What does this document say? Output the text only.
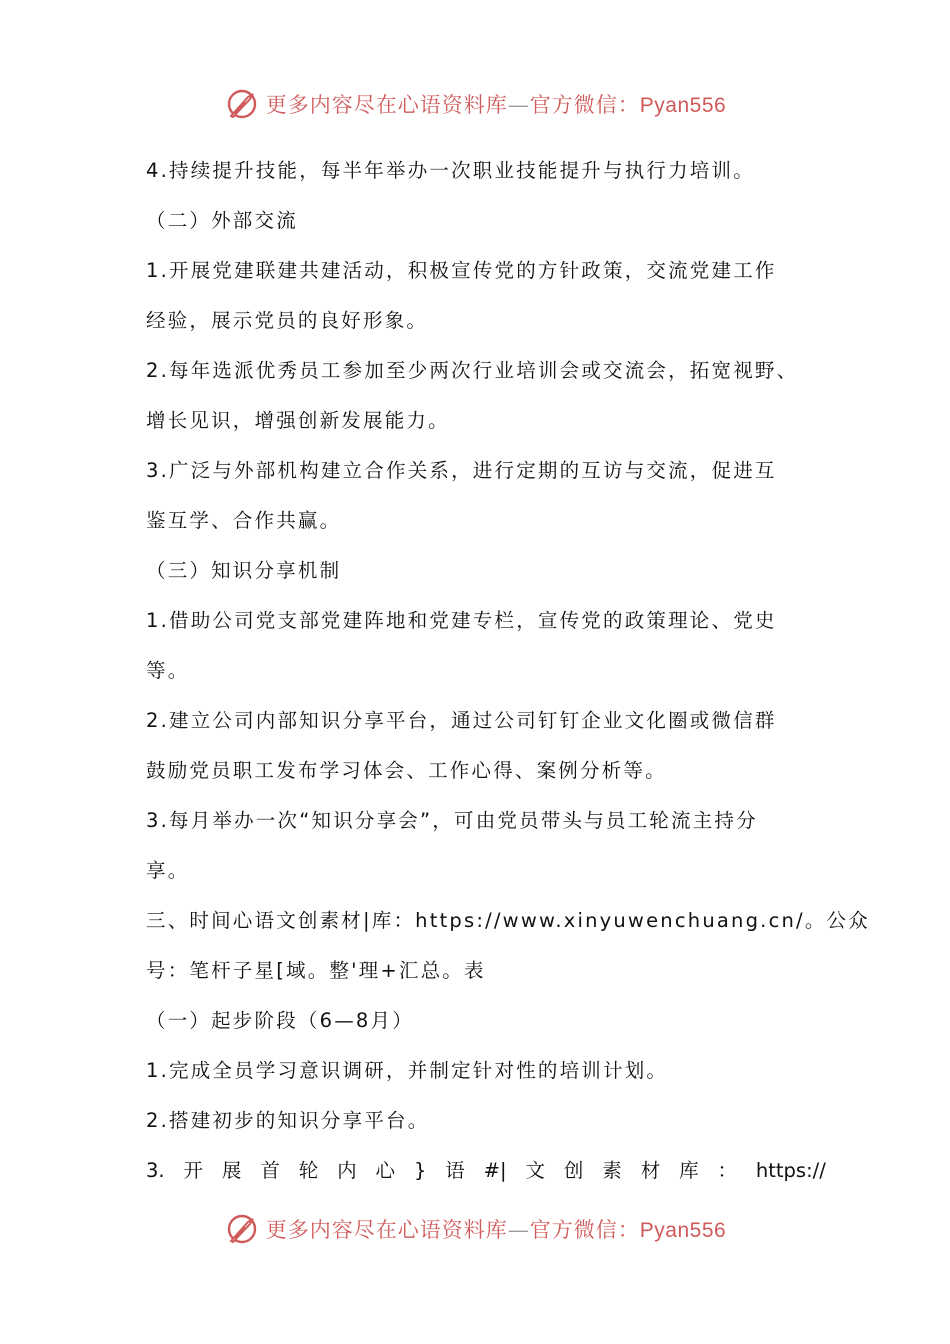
更多内容尽在心语资料库—官方微信：Pyan556
4.持续提升技能，每半年举办一次职业技能提升与执行力培训。
（二）外部交流
1.开展党建联建共建活动，积极宣传党的方针政策，交流党建工作
经验，展示党员的良好形象。
2.每年选派优秀员工参加至少两次行业培训会或交流会，拓宽视野、
增长见识，增强创新发展能力。
3.广泛与外部机构建立合作关系，进行定期的互访与交流，促进互
鉴互学、合作共赢。
（三）知识分享机制
1.借助公司党支部党建阵地和党建专栏，宣传党的政策理论、党史
等。
2.建立公司内部知识分享平台，通过公司钉钉企业文化圈或微信群
鼓励党员职工发布学习体会、工作心得、案例分析等。
3.每月举办一次“知识分享会”，可由党员带头与员工轮流主持分
享。
三、时间心语文创素材|库：https://www.xinyuwenchuang.cn/。公众
号：笔杆子星[域。整'理+汇总。表
（一）起步阶段（6—8月）
1.完成全员学习意识调研，并制定针对性的培训计划。
2.搭建初步的知识分享平台。
3. 开 展 首 轮 内 心 } 语 #| 文 创 素 材 库 ： https://
更多内容尽在心语资料库—官方微信：Pyan556
